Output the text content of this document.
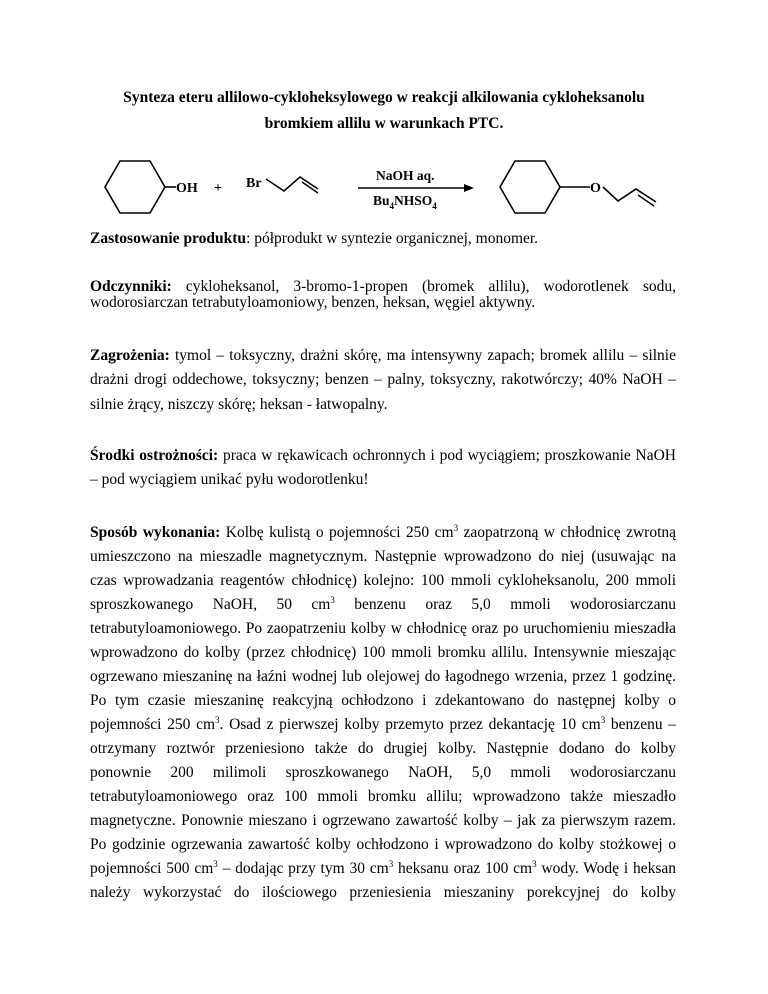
Synteza eteru allilowo-cykloheksylowego w reakcji alkilowania cykloheksanolu
bromkiem allilu w warunkach PTC.
OH + Br
NaOH aq.
$Bu_4NHSO_4$
O
Zastosowanie produktu: półprodukt w syntezie organicznej, monomer.
Odczynniki: cykloheksanol, 3-bromo-1-propen (bromek allilu), wodorotlenek sodu,
wodorosiarczan tetrabutyloamoniowy, benzen, heksan, węgiel aktywny.
Zagrożenia: tymol – toksyczny, drażni skórę, ma intensywny zapach; bromek allilu – silnie
drażni drogi oddechowe, toksyczny; benzen – palny, toksyczny, rakotwórczy; 40% NaOH –
silnie żrący, niszczy skórę; heksan - łatwopalny.
Środki ostrożności: praca w rękawicach ochronnych i pod wyciągiem; proszkowanie NaOH
– pod wyciągiem unikać pyłu wodorotlenku!
Sposób wykonania: Kolbę kulistą o pojemności 250 $cm^3$ zaopatrzoną w chłodnicę zwrotną
umieszczono na mieszadle magnetycznym. Następnie wprowadzono do niej (usuwając na
czas wprowadzania reagentów chłodnicę) kolejno: 100 mmoli cykloheksanolu, 200 mmoli
sproszkowanego NaOH, 50 $cm^3$ benzenu oraz 5,0 mmoli wodorosiarczanu
tetrabutyloamoniowego. Po zaopatrzeniu kolby w chłodnicę oraz po uruchomieniu mieszadła
wprowadzono do kolby (przez chłodnicę) 100 mmoli bromku allilu. Intensywnie mieszając
ogrzewano mieszaninę na łaźni wodnej lub olejowej do łagodnego wrzenia, przez 1 godzinę.
Po tym czasie mieszaninę reakcyjną ochłodzono i zdekantowano do następnej kolby o
pojemności 250 $cm^3$. Osad z pierwszej kolby przemyto przez dekantację 10 $cm^3$ benzenu –
otrzymany roztwór przeniesiono także do drugiej kolby. Następnie dodano do kolby
ponownie 200 milimoli sproszkowanego NaOH, 5,0 mmoli wodorosiarczanu
tetrabutyloamoniowego oraz 100 mmoli bromku allilu; wprowadzono także mieszadło
magnetyczne. Ponownie mieszano i ogrzewano zawartość kolby – jak za pierwszym razem.
Po godzinie ogrzewania zawartość kolby ochłodzono i wprowadzono do kolby stożkowej o
pojemności 500 $cm^3$ – dodając przy tym 30 $cm^3$ heksanu oraz 100 $cm^3$ wody. Wodę i heksan
należy wykorzystać do ilościowego przeniesienia mieszaniny porekcyjnej do kolby
